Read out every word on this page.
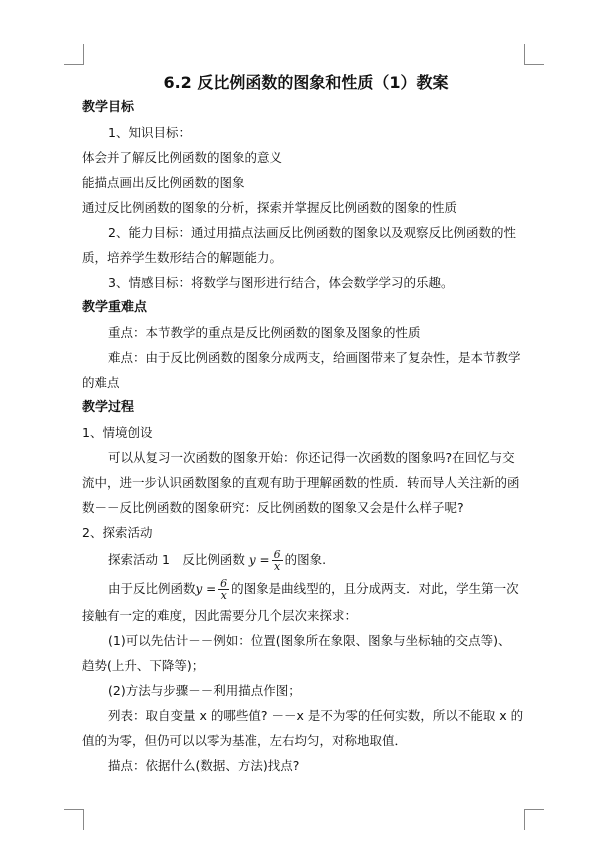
6.2 反比例函数的图象和性质（1）教案
教学目标
1、知识目标：
体会并了解反比例函数的图象的意义
能描点画出反比例函数的图象
通过反比例函数的图象的分析，探索并掌握反比例函数的图象的性质
2、能力目标：通过用描点法画反比例函数的图象以及观察反比例函数的性
质，培养学生数形结合的解题能力。
3、情感目标：将数学与图形进行结合，体会数学学习的乐趣。
教学重难点
重点：本节教学的重点是反比例函数的图象及图象的性质
难点：由于反比例函数的图象分成两支，给画图带来了复杂性，是本节教学
的难点
教学过程
1、情境创设
可以从复习一次函数的图象开始：你还记得一次函数的图象吗?在回忆与交
流中，进一步认识函数图象的直观有助于理解函数的性质．转而导人关注新的函
数－－反比例函数的图象研究：反比例函数的图象又会是什么样子呢?
2、探索活动
探索活动 1　反比例函数 $y = \frac{6}{x}$ 的图象.
由于反比例函数$y = \frac{6}{x}$ 的图象是曲线型的，且分成两支．对此，学生第一次
接触有一定的难度，因此需要分几个层次来探求：
(1)可以先估计－－例如：位置(图象所在象限、图象与坐标轴的交点等)、
趋势(上升、下降等)；
(2)方法与步骤－－利用描点作图；
列表：取自变量 x 的哪些值? －－x 是不为零的任何实数，所以不能取 x 的
值的为零，但仍可以以零为基准，左右均匀，对称地取值．
描点：依据什么(数据、方法)找点?
